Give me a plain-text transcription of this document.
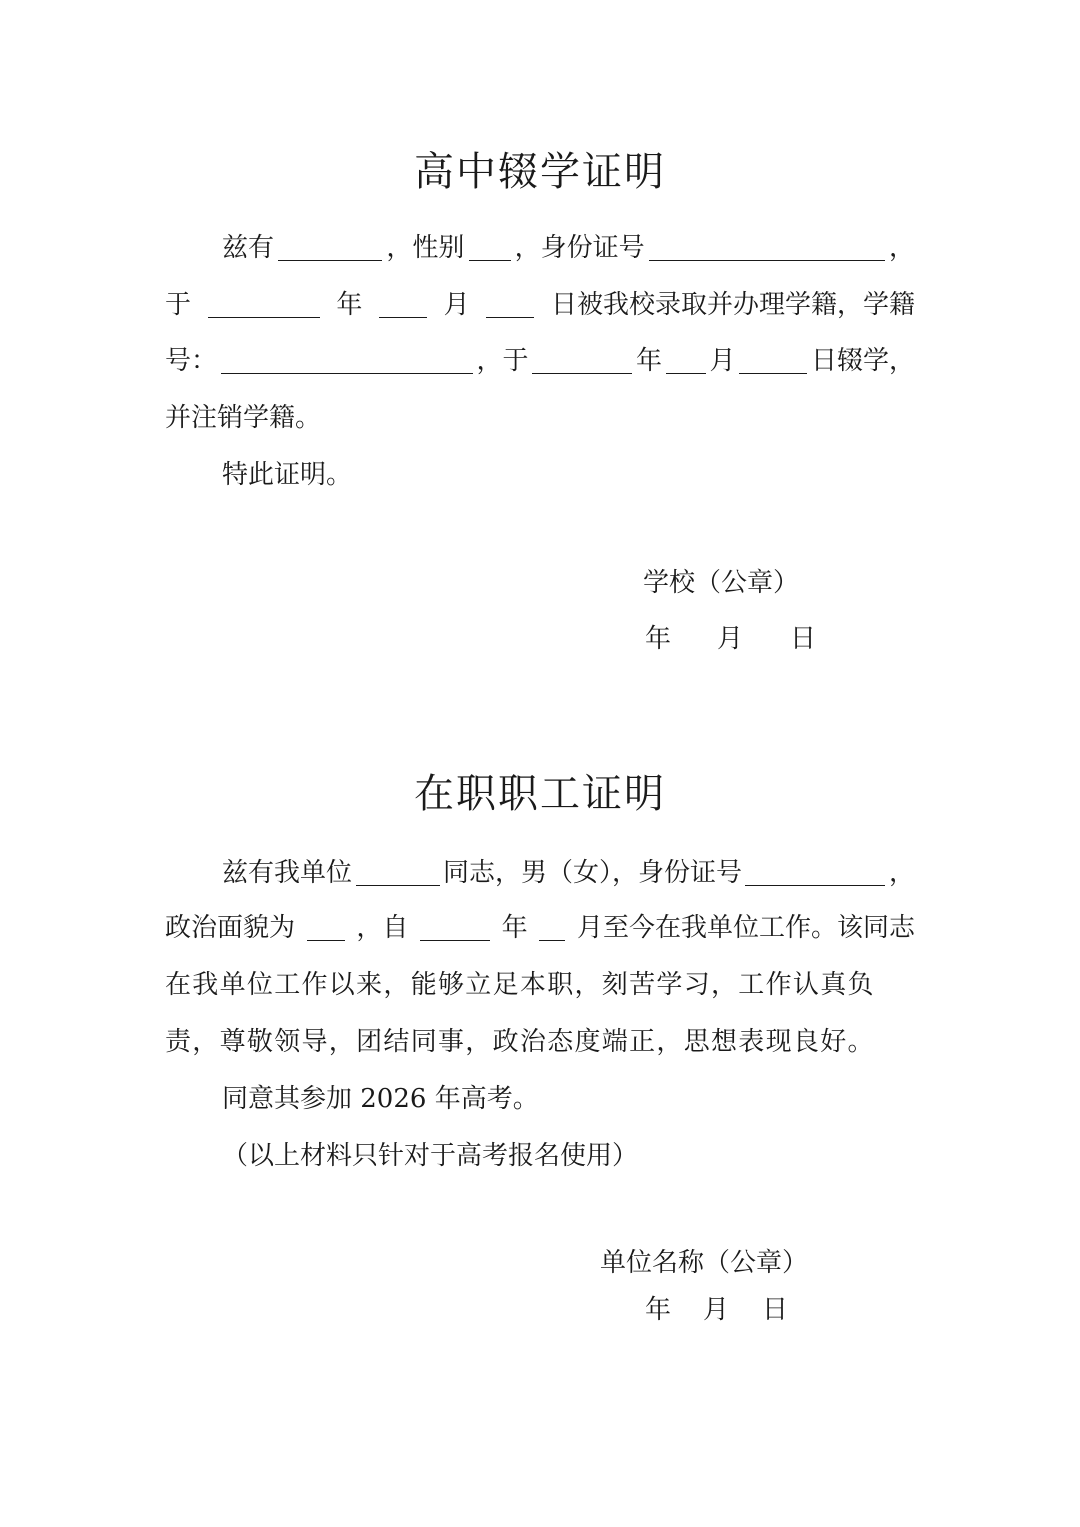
高中辍学证明
兹有	，性别 ，身份证号	，
于	年	月	日被我校录取并办理学籍，学籍
号：	，于	年 月	日辍学，
并注销学籍。
特此证明。
学校（公章）
年 月 日
在职职工证明
兹有我单位	同志，男（女），身份证号	，
政治面貌为 ，自	年 月至今在我单位工作。该同志
在我单位工作以来，能够立足本职，刻苦学习，工作认真负
责，尊敬领导，团结同事，政治态度端正，思想表现良好。
同意其参加 2026 年高考。
（以上材料只针对于高考报名使用）
单位名称（公章）
年 月 日
